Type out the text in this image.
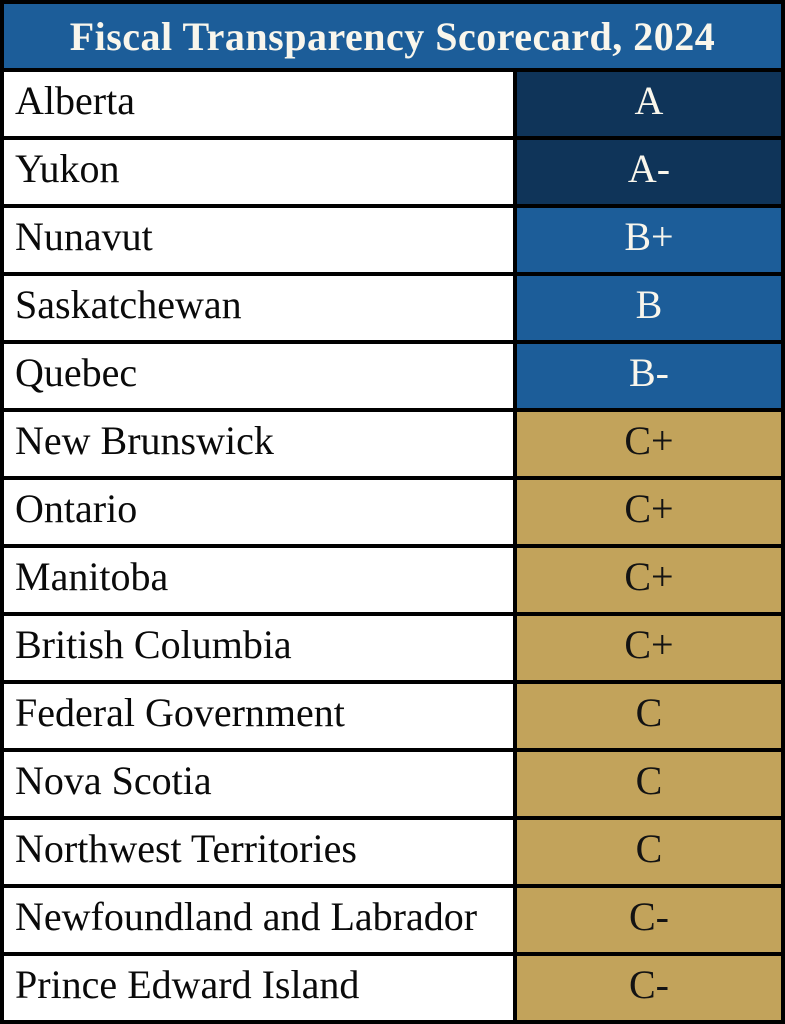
Fiscal Transparency Scorecard, 2024
Alberta	A
Yukon	A-
Nunavut	B+
Saskatchewan	B
Quebec	B-
New Brunswick	C+
Ontario	C+
Manitoba	C+
British Columbia	C+
Federal Government	C
Nova Scotia	C
Northwest Territories	C
Newfoundland and Labrador	C-
Prince Edward Island	C-
